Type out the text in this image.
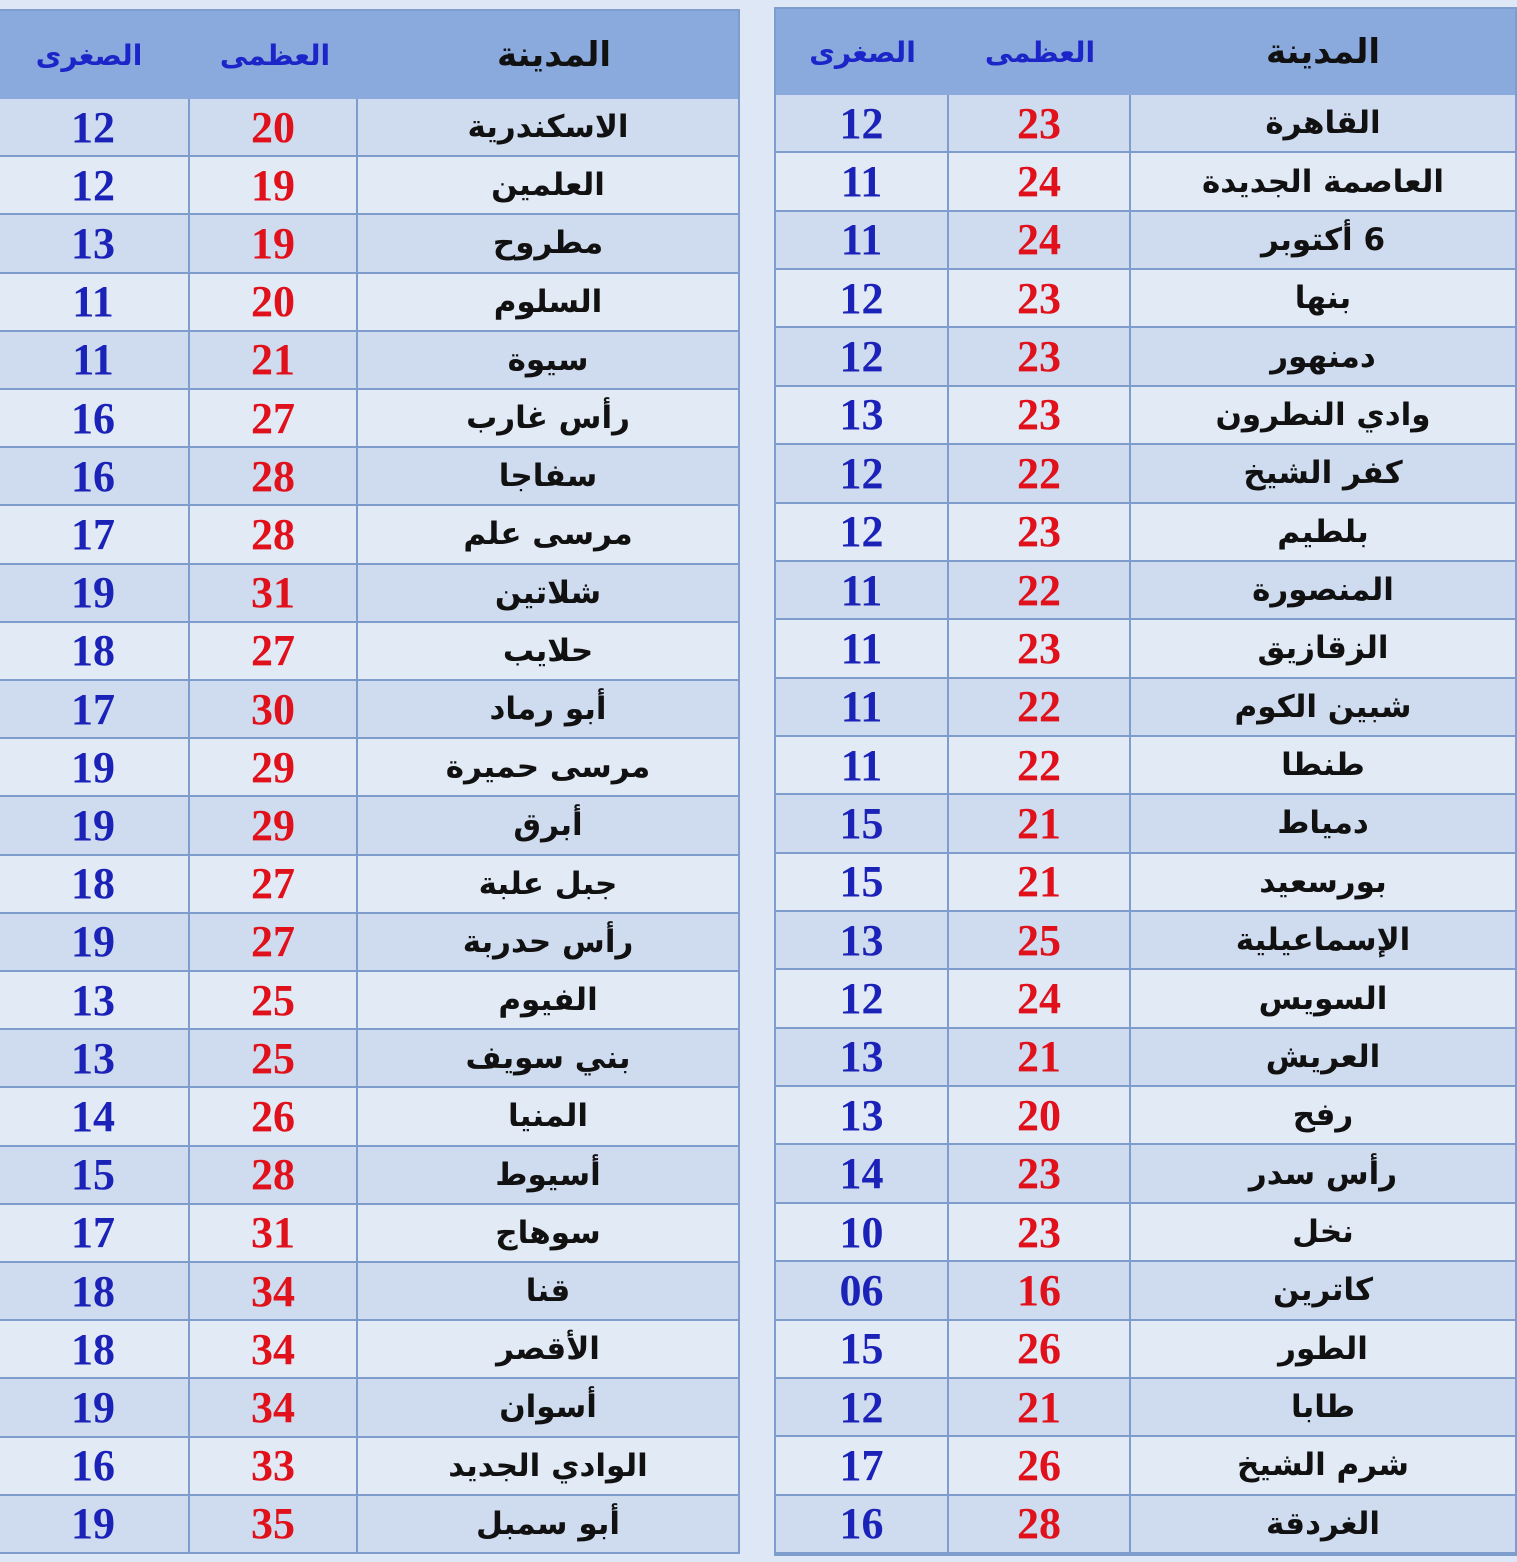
الصغرى	العظمى	المدينة
12	20	الاسكندرية
12	19	العلمين
13	19	مطروح
11	20	السلوم
11	21	سيوة
16	27	رأس غارب
16	28	سفاجا
17	28	مرسى علم
19	31	شلاتين
18	27	حلايب
17	30	أبو رماد
19	29	مرسى حميرة
19	29	أبرق
18	27	جبل علبة
19	27	رأس حدربة
13	25	الفيوم
13	25	بني سويف
14	26	المنيا
15	28	أسيوط
17	31	سوهاج
18	34	قنا
18	34	الأقصر
19	34	أسوان
16	33	الوادي الجديد
19	35	أبو سمبل
الصغرى	العظمى	المدينة
12	23	القاهرة
11	24	العاصمة الجديدة
11	24	6 أكتوبر
12	23	بنها
12	23	دمنهور
13	23	وادي النطرون
12	22	كفر الشيخ
12	23	بلطيم
11	22	المنصورة
11	23	الزقازيق
11	22	شبين الكوم
11	22	طنطا
15	21	دمياط
15	21	بورسعيد
13	25	الإسماعيلية
12	24	السويس
13	21	العريش
13	20	رفح
14	23	رأس سدر
10	23	نخل
06	16	كاترين
15	26	الطور
12	21	طابا
17	26	شرم الشيخ
16	28	الغردقة
